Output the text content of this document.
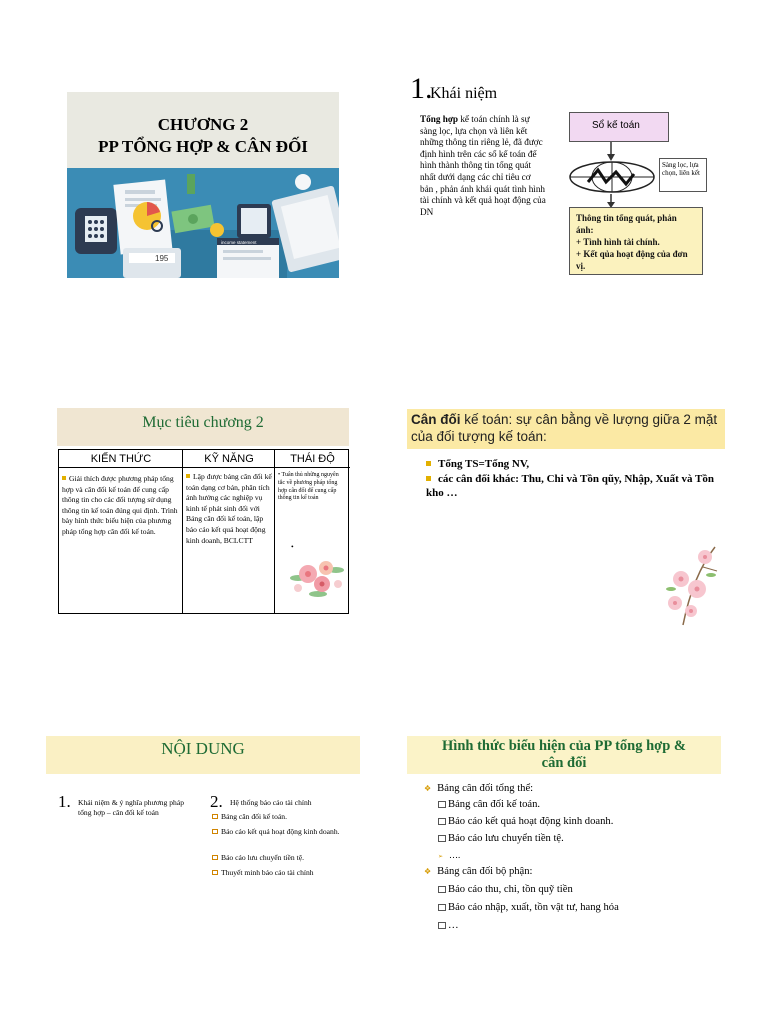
CHƯƠNG 2
PP TỔNG HỢP & CÂN ĐỐI
195
income statement
1.
Khái niệm
Tổng hợp kế toán chính là sự sàng lọc, lựa chọn và liên kết những thông tin riêng lẻ, đã được định hình trên các sổ kế toán để hình thành thông tin tổng quát nhất dưới dạng các chỉ tiêu cơ bản , phản ánh khái quát tình hình tài chính và kết quả hoạt động của DN
Sổ kế toán
Sàng lọc, lựa chọn, liên kết
Thông tin tổng quát, phản ánh:
+ Tình hình tài chính.
+ Kết qủa hoạt động của đơn vị.
Mục tiêu chương 2
KIẾN THỨC	KỸ NĂNG	THÁI ĐỘ
Giải thích được phương pháp tổng hợp và cân đối kế toán để cung cấp thông tin cho các đối tượng sử dụng thông tin kế toán đúng qui định. Trình bày hình thức biểu hiện của phương pháp tổng hợp cân đối kế toán.
Lập được bảng cân đối kế toán dạng cơ bản, phân tích ảnh hưởng các nghiệp vụ kinh tế phát sinh đối với Bảng cân đối kế toán, lập báo cáo kết quả hoạt động kinh doanh, BCLCTT
• Tuân thủ những nguyên tắc về phương pháp tổng hợp cân đối để cung cấp thông tin kế toán
•
Cân đối kế toán: sự cân bằng về lượng giữa 2 mặt của đối tượng kế toán:
Tổng TS=Tổng NV,
các cân đối khác: Thu, Chi và Tồn qũy, Nhập, Xuất và Tồn kho …
NỘI DUNG
1. Khái niệm & ý nghĩa phương pháp tổng hợp – cân đối kế toán
2. Hệ thống báo cáo tài chính
Bảng cân đối kế toán.
Báo cáo kết quả hoạt động kinh doanh.
Báo cáo lưu chuyển tiền tệ.
Thuyết minh báo cáo tài chính
Hình thức biểu hiện của PP tổng hợp &
cân đối
❖ Bảng cân đối tổng thể:
Bảng cân đối kế toán.
Báo cáo kết quả hoạt động kinh doanh.
Báo cáo lưu chuyển tiền tệ.
➢ ….
❖ Bảng cân đối bộ phận:
Báo cáo thu, chi, tồn quỹ tiền
Báo cáo nhập, xuất, tồn vật tư, hang hóa
…
